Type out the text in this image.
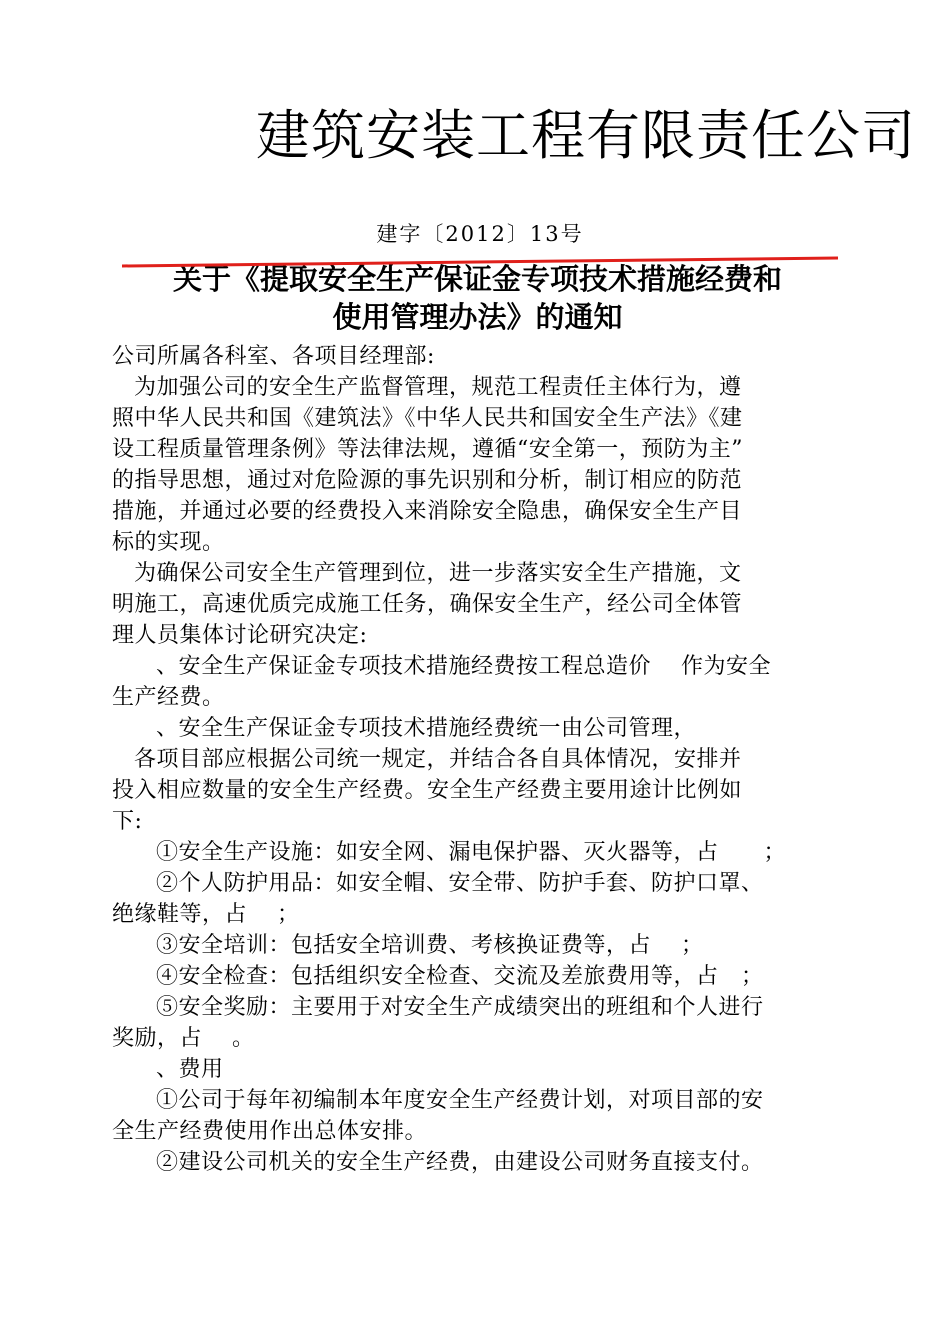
建筑安装工程有限责任公司
建字〔2012〕13号
关于《提取安全生产保证金专项技术措施经费和
使用管理办法》的通知

公司所属各科室、各项目经理部:

为加强公司的安全生产监督管理，规范工程责任主体行为，遵

照中华人民共和国《建筑法》《中华人民共和国安全生产法》《建

设工程质量管理条例》等法律法规，遵循“安全第一，预防为主”

的指导思想，通过对危险源的事先识别和分析，制订相应的防范

措施，并通过必要的经费投入来消除安全隐患，确保安全生产目

标的实现。

为确保公司安全生产管理到位，进一步落实安全生产措施，文

明施工，高速优质完成施工任务，确保安全生产，经公司全体管

理人员集体讨论研究决定:

、安全生产保证金专项技术措施经费按工程总造价　 作为安全

生产经费。

、安全生产保证金专项技术措施经费统一由公司管理，

各项目部应根据公司统一规定，并结合各自具体情况，安排并

投入相应数量的安全生产经费。安全生产经费主要用途计比例如

下:

①安全生产设施：如安全网、漏电保护器、灭火器等，占　　；

②个人防护用品：如安全帽、安全带、防护手套、防护口罩、

绝缘鞋等，占　 ；

③安全培训：包括安全培训费、考核换证费等，占　 ；

④安全检查：包括组织安全检查、交流及差旅费用等，占　；

⑤安全奖励：主要用于对安全生产成绩突出的班组和个人进行

奖励，占　 。

、费用

①公司于每年初编制本年度安全生产经费计划，对项目部的安

全生产经费使用作出总体安排。

②建设公司机关的安全生产经费，由建设公司财务直接支付。
